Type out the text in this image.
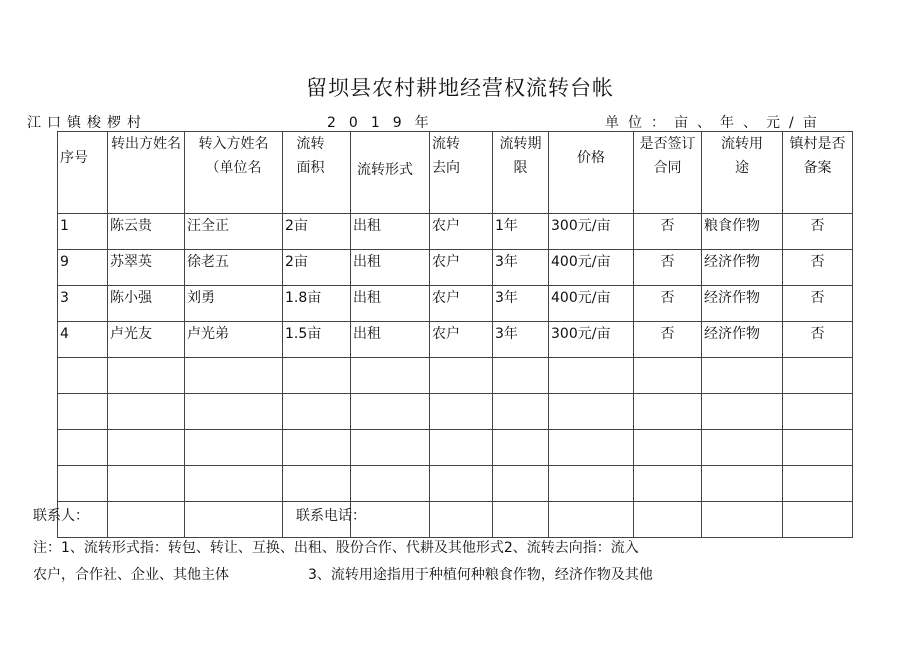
留坝县农村耕地经营权流转台帐
江口镇梭椤村	2019年	单位：亩、年、元/亩
序号	转出方姓名	转入方姓名（单位名	流转面积	流转形式	流转去向	流转期限	价格	是否签订合同	流转用途	镇村是否备案
1	陈云贵	汪全正	2亩	出租	农户	1年	300元/亩	否	粮食作物	否
9	苏翠英	徐老五	2亩	出租	农户	3年	400元/亩	否	经济作物	否
3	陈小强	刘勇	1.8亩	出租	农户	3年	400元/亩	否	经济作物	否
4	卢光友	卢光弟	1.5亩	出租	农户	3年	300元/亩	否	经济作物	否

联系人：	联系电话：
注：1、流转形式指：转包、转让、互换、出租、股份合作、代耕及其他形式2、流转去向指：流入
农户，合作社、企业、其他主体	3、流转用途指用于种植何种粮食作物，经济作物及其他
